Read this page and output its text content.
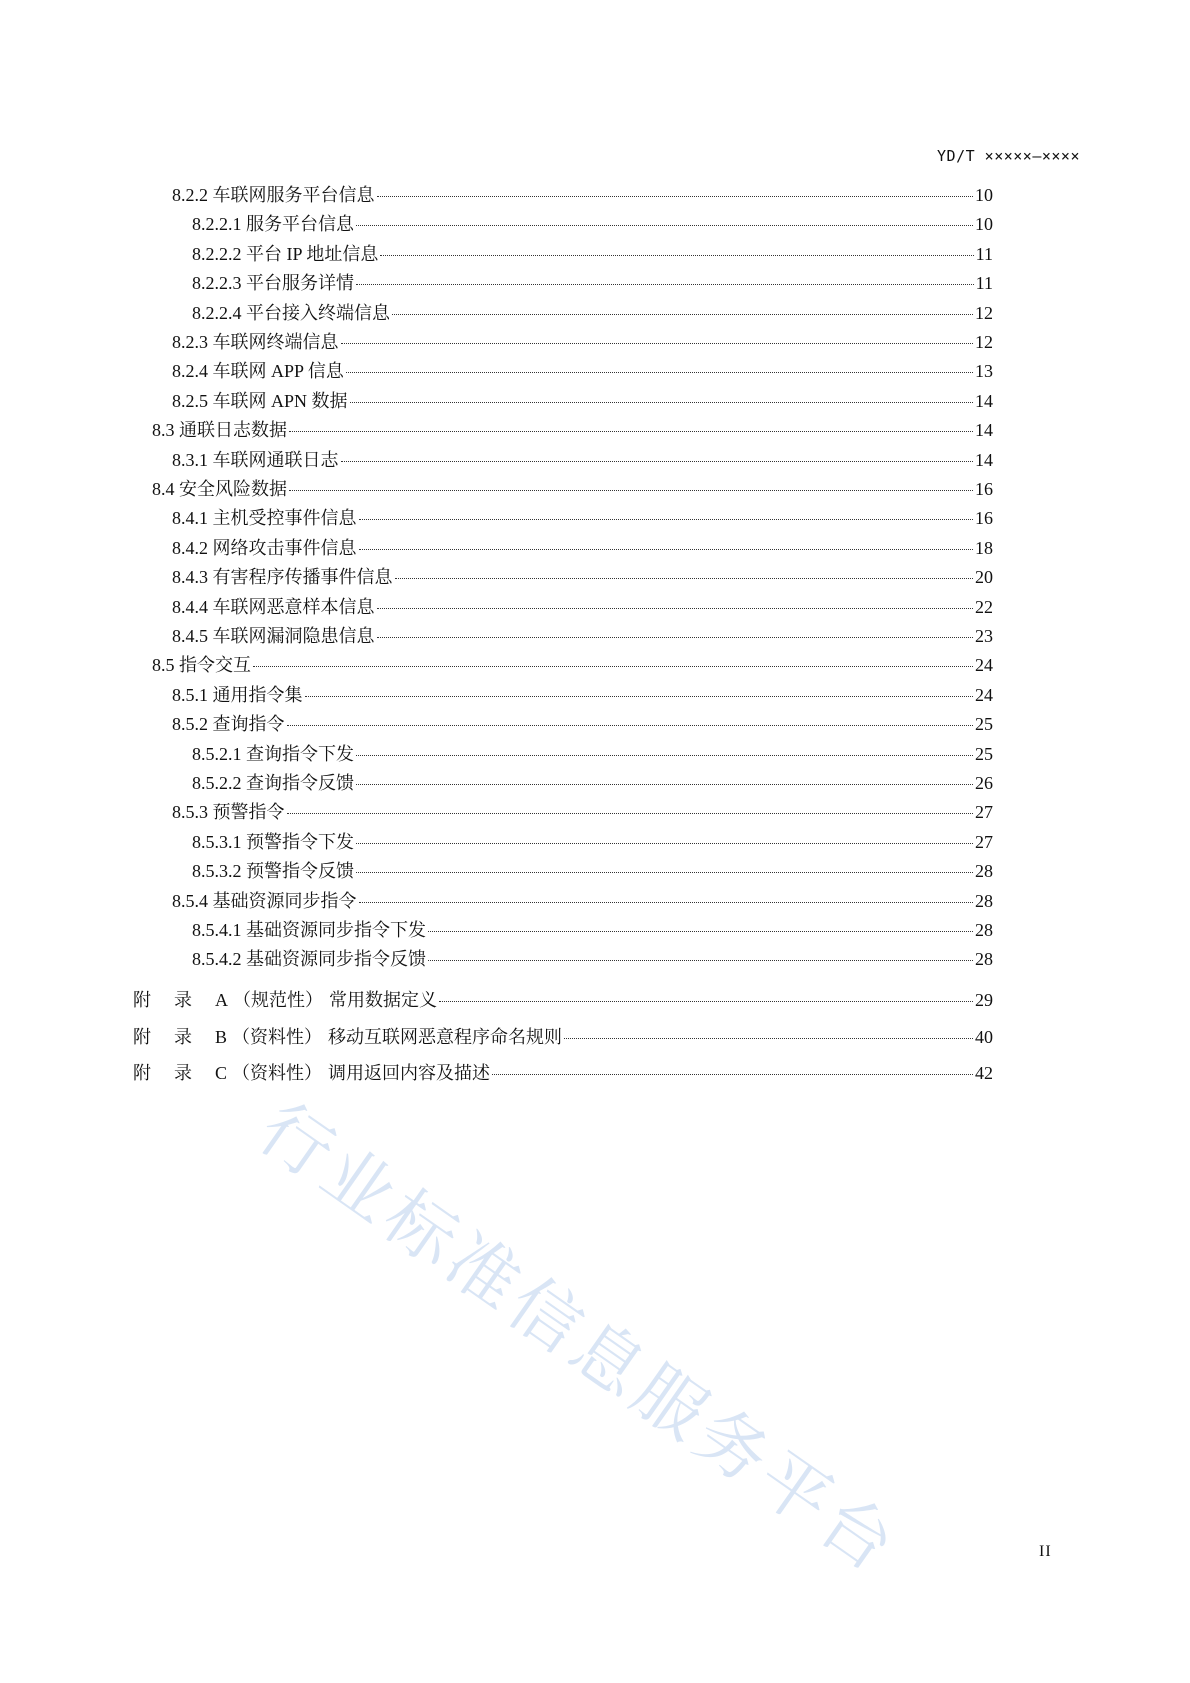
YD/T ×××××—××××
行业标准信息服务平台
8.2.2 车联网服务平台信息	10
8.2.2.1 服务平台信息	10
8.2.2.2 平台 IP 地址信息	11
8.2.2.3 平台服务详情	11
8.2.2.4 平台接入终端信息	12
8.2.3 车联网终端信息	12
8.2.4 车联网 APP 信息	13
8.2.5 车联网 APN 数据	14
8.3 通联日志数据	14
8.3.1 车联网通联日志	14
8.4 安全风险数据	16
8.4.1 主机受控事件信息	16
8.4.2 网络攻击事件信息	18
8.4.3 有害程序传播事件信息	20
8.4.4 车联网恶意样本信息	22
8.4.5 车联网漏洞隐患信息	23
8.5 指令交互	24
8.5.1 通用指令集	24
8.5.2 查询指令	25
8.5.2.1 查询指令下发	25
8.5.2.2 查询指令反馈	26
8.5.3 预警指令	27
8.5.3.1 预警指令下发	27
8.5.3.2 预警指令反馈	28
8.5.4 基础资源同步指令	28
8.5.4.1 基础资源同步指令下发	28
8.5.4.2 基础资源同步指令反馈	28
附 录 A （规范性） 常用数据定义	29
附 录 B （资料性） 移动互联网恶意程序命名规则	40
附 录 C （资料性） 调用返回内容及描述	42
II
